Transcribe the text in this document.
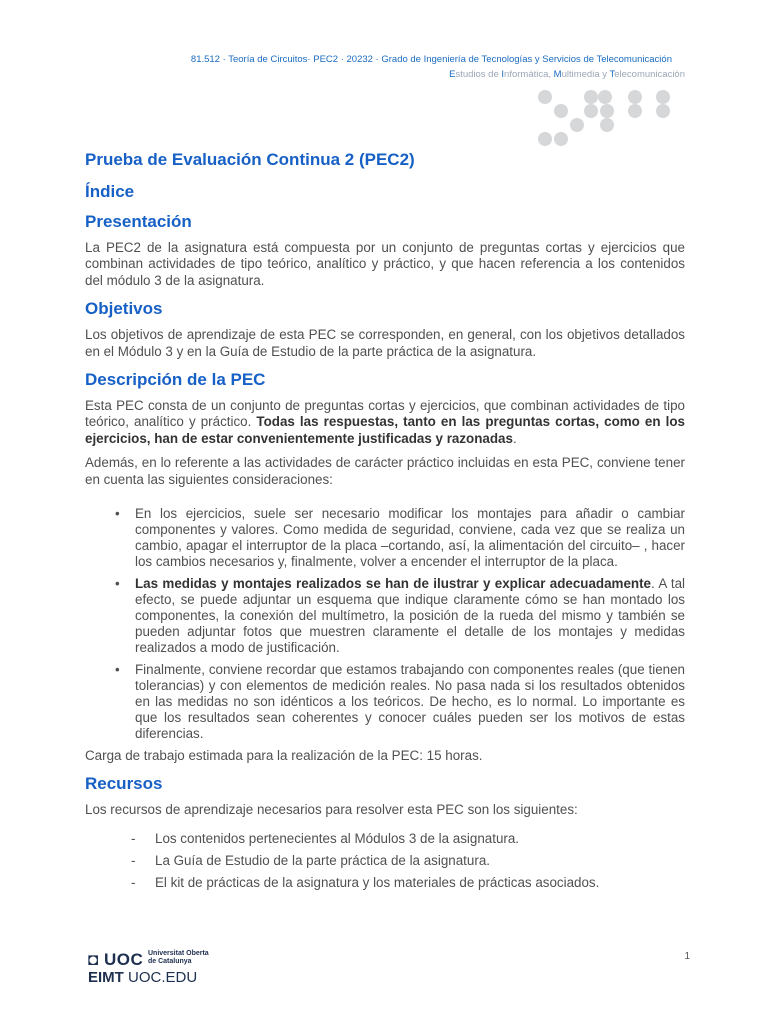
81.512 · Teoría de Circuitos· PEC2 · 20232 · Grado de Ingeniería de Tecnologías y Servicios de Telecomunicación
Estudios de Informática, Multimedia y Telecomunicación
Prueba de Evaluación Continua 2 (PEC2)
Índice
Presentación

La PEC2 de la asignatura está compuesta por un conjunto de preguntas cortas y ejercicios que combinan actividades de tipo teórico, analítico y práctico, y que hacen referencia a los contenidos del módulo 3 de la asignatura.

Objetivos

Los objetivos de aprendizaje de esta PEC se corresponden, en general, con los objetivos detallados en el Módulo 3 y en la Guía de Estudio de la parte práctica de la asignatura.

Descripción de la PEC

Esta PEC consta de un conjunto de preguntas cortas y ejercicios, que combinan actividades de tipo teórico, analítico y práctico. Todas las respuestas, tanto en las preguntas cortas, como en los ejercicios, han de estar convenientemente justificadas y razonadas.

Además, en lo referente a las actividades de carácter práctico incluidas en esta PEC, conviene tener en cuenta las siguientes consideraciones:

• En los ejercicios, suele ser necesario modificar los montajes para añadir o cambiar componentes y valores. Como medida de seguridad, conviene, cada vez que se realiza un cambio, apagar el interruptor de la placa –cortando, así, la alimentación del circuito– , hacer los cambios necesarios y, finalmente, volver a encender el interruptor de la placa.
• Las medidas y montajes realizados se han de ilustrar y explicar adecuadamente. A tal efecto, se puede adjuntar un esquema que indique claramente cómo se han montado los componentes, la conexión del multímetro, la posición de la rueda del mismo y también se pueden adjuntar fotos que muestren claramente el detalle de los montajes y medidas realizados a modo de justificación.
• Finalmente, conviene recordar que estamos trabajando con componentes reales (que tienen tolerancias) y con elementos de medición reales. No pasa nada si los resultados obtenidos en las medidas no son idénticos a los teóricos. De hecho, es lo normal. Lo importante es que los resultados sean coherentes y conocer cuáles pueden ser los motivos de estas diferencias.

Carga de trabajo estimada para la realización de la PEC: 15 horas.

Recursos

Los recursos de aprendizaje necesarios para resolver esta PEC son los siguientes:

- Los contenidos pertenecientes al Módulos 3 de la asignatura.
- La Guía de Estudio de la parte práctica de la asignatura.
- El kit de prácticas de la asignatura y los materiales de prácticas asociados.
◘ UOC Universitat Oberta
de Catalunya
EIMT UOC.EDU
1
